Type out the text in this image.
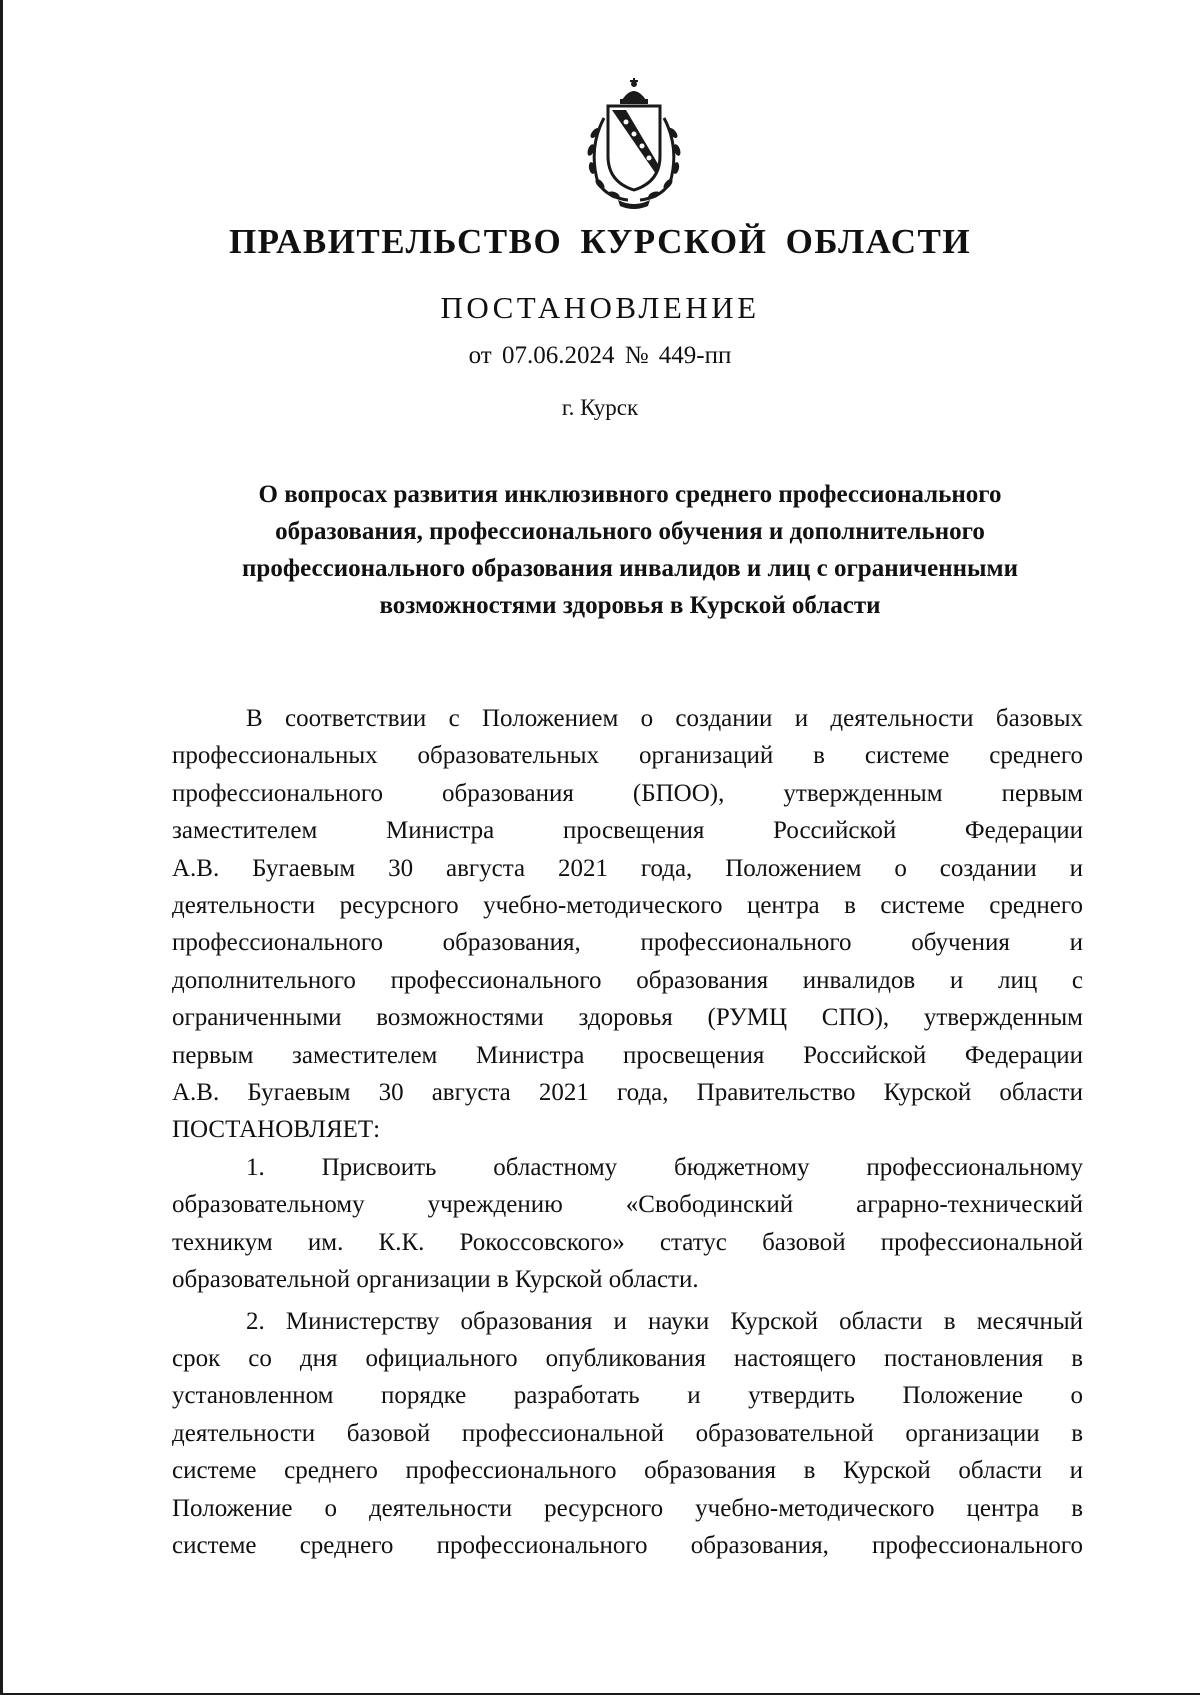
ПРАВИТЕЛЬСТВО КУРСКОЙ ОБЛАСТИ
ПОСТАНОВЛЕНИЕ
от 07.06.2024 № 449-пп
г. Курск
О вопросах развития инклюзивного среднего профессионального
образования, профессионального обучения и дополнительного
профессионального образования инвалидов и лиц с ограниченными
возможностями здоровья в Курской области
В соответствии с Положением о создании и деятельности базовых
профессиональных образовательных организаций в системе среднего
профессионального образования (БПОО), утвержденным первым
заместителем Министра просвещения Российской Федерации
А.В. Бугаевым 30 августа 2021 года, Положением о создании и
деятельности ресурсного учебно-методического центра в системе среднего
профессионального образования, профессионального обучения и
дополнительного профессионального образования инвалидов и лиц с
ограниченными возможностями здоровья (РУМЦ СПО), утвержденным
первым заместителем Министра просвещения Российской Федерации
А.В. Бугаевым 30 августа 2021 года, Правительство Курской области
ПОСТАНОВЛЯЕТ:
1. Присвоить областному бюджетному профессиональному
образовательному учреждению «Свободинский аграрно-технический
техникум им. К.К. Рокоссовского» статус базовой профессиональной
образовательной организации в Курской области.
2. Министерству образования и науки Курской области в месячный
срок со дня официального опубликования настоящего постановления в
установленном порядке разработать и утвердить Положение о
деятельности базовой профессиональной образовательной организации в
системе среднего профессионального образования в Курской области и
Положение о деятельности ресурсного учебно-методического центра в
системе среднего профессионального образования, профессионального
